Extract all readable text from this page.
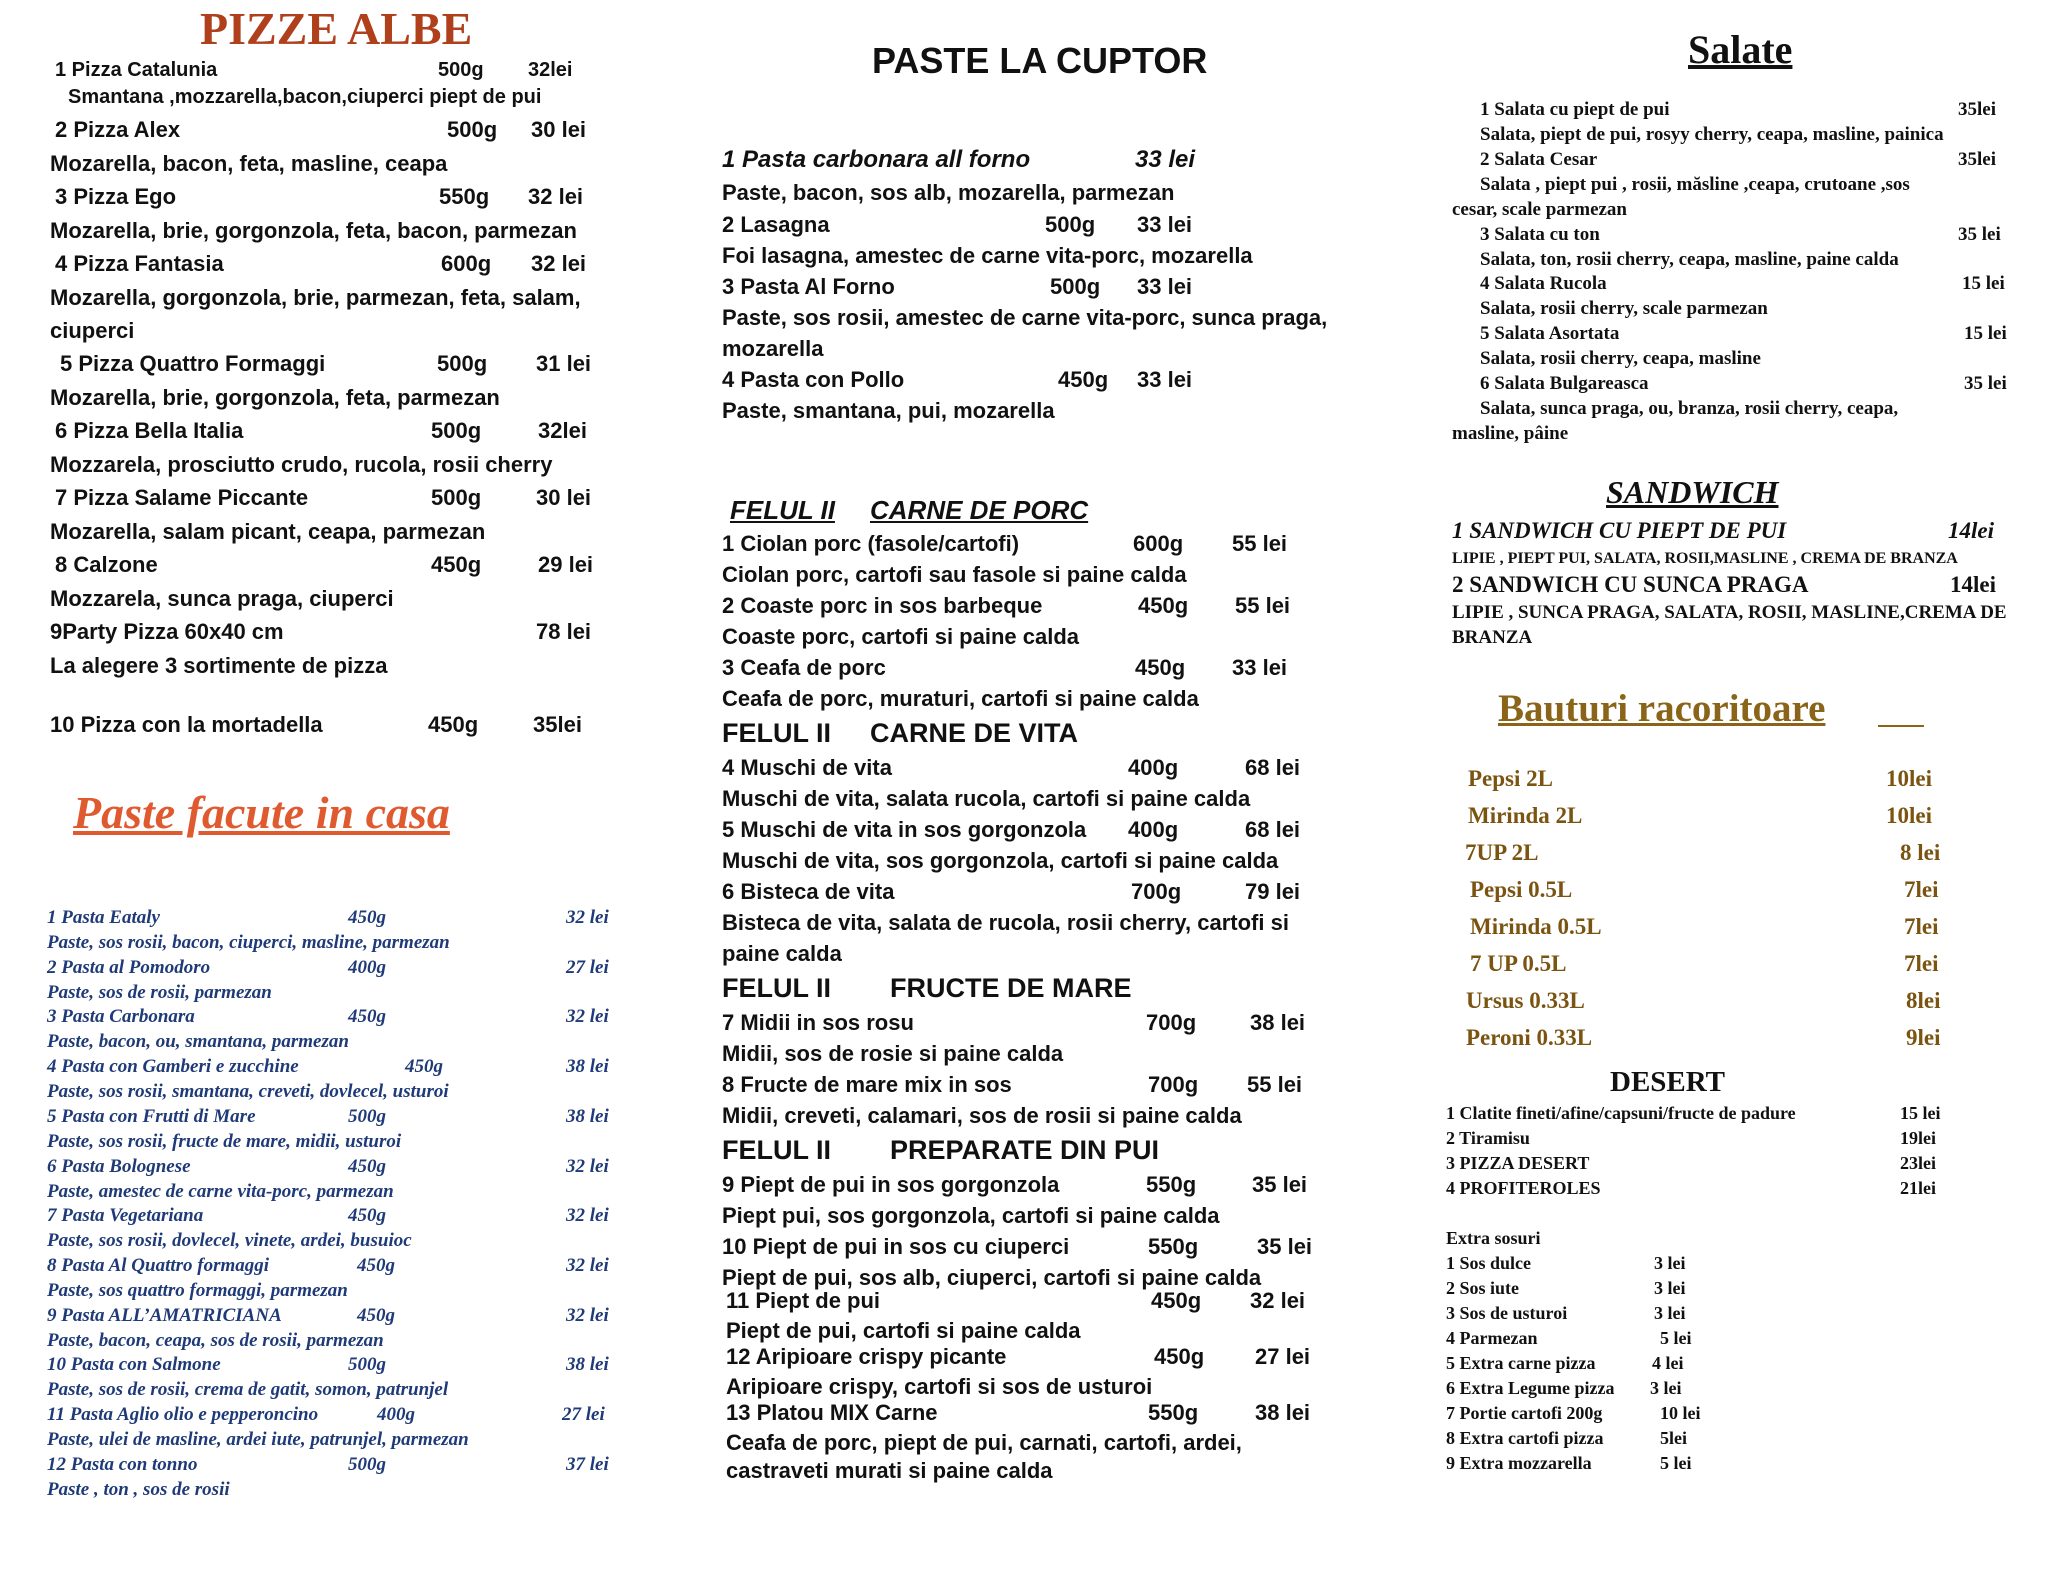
PIZZE ALBE
1 Pizza Catalunia	500g 32lei
Smantana ,mozzarella,bacon,ciuperci piept de pui
2 Pizza Alex	500g 30 lei
Mozarella, bacon, feta, masline, ceapa
3 Pizza Ego	550g 32 lei
Mozarella, brie, gorgonzola, feta, bacon, parmezan
4 Pizza Fantasia	600g 32 lei
Mozarella, gorgonzola, brie, parmezan, feta, salam,
ciuperci
5 Pizza Quattro Formaggi	500g 31 lei
Mozarella, brie, gorgonzola, feta, parmezan
6 Pizza Bella Italia	500g	32lei
Mozzarela, prosciutto crudo, rucola, rosii cherry
7 Pizza Salame Piccante	500g 30 lei
Mozarella, salam picant, ceapa, parmezan
8 Calzone	450g	29 lei
Mozzarela, sunca praga, ciuperci
9Party Pizza 60x40 cm	78 lei
La alegere 3 sortimente de pizza
10 Pizza con la mortadella	450g 35lei
Paste facute in casa
1 Pasta Eataly	450g	32 lei
Paste, sos rosii, bacon, ciuperci, masline, parmezan
2 Pasta al Pomodoro	400g	27 lei
Paste, sos de rosii, parmezan
3 Pasta Carbonara	450g	32 lei
Paste, bacon, ou, smantana, parmezan
4 Pasta con Gamberi e zucchine	450g	38 lei
Paste, sos rosii, smantana, creveti, dovlecel, usturoi
5 Pasta con Frutti di Mare	500g	38 lei
Paste, sos rosii, fructe de mare, midii, usturoi
6 Pasta Bolognese	450g	32 lei
Paste, amestec de carne vita-porc, parmezan
7 Pasta Vegetariana	450g	32 lei
Paste, sos rosii, dovlecel, vinete, ardei, busuioc
8 Pasta Al Quattro formaggi	450g	32 lei
Paste, sos quattro formaggi, parmezan
9 Pasta ALL’AMATRICIANA	450g	32 lei
Paste, bacon, ceapa, sos de rosii, parmezan
10 Pasta con Salmone	500g	38 lei
Paste, sos de rosii, crema de gatit, somon, patrunjel
11 Pasta Aglio olio e pepperoncino	400g	27 lei
Paste, ulei de masline, ardei iute, patrunjel, parmezan
12 Pasta con tonno	500g	37 lei
Paste , ton , sos de rosii
PASTE LA CUPTOR
1 Pasta carbonara all forno	33 lei
Paste, bacon, sos alb, mozarella, parmezan
2 Lasagna	500g 33 lei
Foi lasagna, amestec de carne vita-porc, mozarella
3 Pasta Al Forno	500g 33 lei
Paste, sos rosii, amestec de carne vita-porc, sunca praga,
mozarella
4 Pasta con Pollo	450g 33 lei
Paste, smantana, pui, mozarella
FELUL II CARNE DE PORC
1 Ciolan porc (fasole/cartofi)	600g 55 lei
Ciolan porc, cartofi sau fasole si paine calda
2 Coaste porc in sos barbeque	450g 55 lei
Coaste porc, cartofi si paine calda
3 Ceafa de porc	450g 33 lei
Ceafa de porc, muraturi, cartofi si paine calda
FELUL II CARNE DE VITA
4 Muschi de vita	400g	68 lei
Muschi de vita, salata rucola, cartofi si paine calda
5 Muschi de vita in sos gorgonzola 400g	68 lei
Muschi de vita, sos gorgonzola, cartofi si paine calda
6 Bisteca de vita	700g	79 lei
Bisteca de vita, salata de rucola, rosii cherry, cartofi si
paine calda
FELUL II FRUCTE DE MARE
7 Midii in sos rosu	700g 38 lei
Midii, sos de rosie si paine calda
8 Fructe de mare mix in sos	700g 55 lei
Midii, creveti, calamari, sos de rosii si paine calda
FELUL II PREPARATE DIN PUI
9 Piept de pui in sos gorgonzola	550g	35 lei
Piept pui, sos gorgonzola, cartofi si paine calda
10 Piept de pui in sos cu ciuperci	550g	35 lei
Piept de pui, sos alb, ciuperci, cartofi si paine calda
11 Piept de pui	450g 32 lei
Piept de pui, cartofi si paine calda
12 Aripioare crispy picante	450g 27 lei
Aripioare crispy, cartofi si sos de usturoi
13 Platou MIX Carne	550g	38 lei
Ceafa de porc, piept de pui, carnati, cartofi, ardei,
castraveti murati si paine calda
Salate
1 Salata cu piept de pui	35lei
Salata, piept de pui, rosyy cherry, ceapa, masline, painica
2 Salata Cesar	35lei
Salata , piept pui , rosii, măsline ,ceapa, crutoane ,sos
cesar, scale parmezan
3 Salata cu ton	35 lei
Salata, ton, rosii cherry, ceapa, masline, paine calda
4 Salata Rucola	15 lei
Salata, rosii cherry, scale parmezan
5 Salata Asortata	15 lei
Salata, rosii cherry, ceapa, masline
6 Salata Bulgareasca	35 lei
Salata, sunca praga, ou, branza, rosii cherry, ceapa,
masline, pâine
SANDWICH
1 SANDWICH CU PIEPT DE PUI	14lei
LIPIE , PIEPT PUI, SALATA, ROSII,MASLINE , CREMA DE BRANZA
2 SANDWICH CU SUNCA PRAGA	14lei
LIPIE , SUNCA PRAGA, SALATA, ROSII, MASLINE,CREMA DE
BRANZA
Bauturi racoritoare
Pepsi 2L	10lei
Mirinda 2L	10lei
7UP 2L	8 lei
Pepsi 0.5L	7lei
Mirinda 0.5L	7lei
7 UP 0.5L	7lei
Ursus 0.33L	8lei
Peroni 0.33L	9lei
DESERT
1 Clatite fineti/afine/capsuni/fructe de padure	15 lei
2 Tiramisu	19lei
3 PIZZA DESERT	23lei
4 PROFITEROLES	21lei
Extra sosuri
1 Sos dulce	3 lei
2 Sos iute	3 lei
3 Sos de usturoi	3 lei
4 Parmezan	5 lei
5 Extra carne pizza	4 lei
6 Extra Legume pizza 3 lei
7 Portie cartofi 200g	10 lei
8 Extra cartofi pizza	5lei
9 Extra mozzarella	5 lei
